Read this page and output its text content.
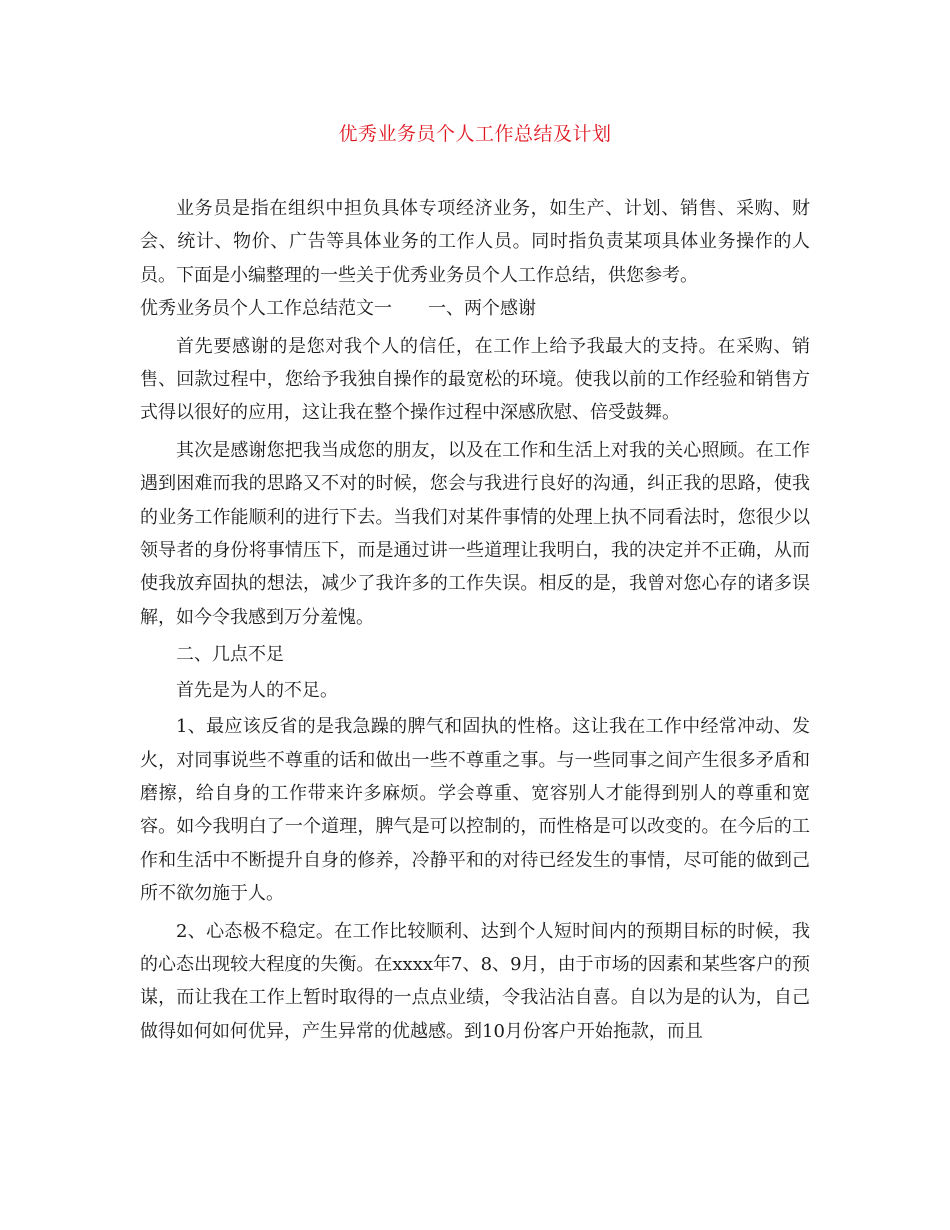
优秀业务员个人工作总结及计划

业务员是指在组织中担负具体专项经济业务，如生产、计划、销售、采购、财会、统计、物价、广告等具体业务的工作人员。同时指负责某项具体业务操作的人员。下面是小编整理的一些关于优秀业务员个人工作总结，供您参考。

优秀业务员个人工作总结范文一 一、两个感谢

首先要感谢的是您对我个人的信任，在工作上给予我最大的支持。在采购、销售、回款过程中，您给予我独自操作的最宽松的环境。使我以前的工作经验和销售方式得以很好的应用，这让我在整个操作过程中深感欣慰、倍受鼓舞。

其次是感谢您把我当成您的朋友，以及在工作和生活上对我的关心照顾。在工作遇到困难而我的思路又不对的时候，您会与我进行良好的沟通，纠正我的思路，使我的业务工作能顺利的进行下去。当我们对某件事情的处理上执不同看法时，您很少以领导者的身份将事情压下，而是通过讲一些道理让我明白，我的决定并不正确，从而使我放弃固执的想法，减少了我许多的工作失误。相反的是，我曾对您心存的诸多误解，如今令我感到万分羞愧。

二、几点不足

首先是为人的不足。

1、最应该反省的是我急躁的脾气和固执的性格。这让我在工作中经常冲动、发火，对同事说些不尊重的话和做出一些不尊重之事。与一些同事之间产生很多矛盾和磨擦，给自身的工作带来许多麻烦。学会尊重、宽容别人才能得到别人的尊重和宽容。如今我明白了一个道理，脾气是可以控制的，而性格是可以改变的。在今后的工作和生活中不断提升自身的修养，冷静平和的对待已经发生的事情，尽可能的做到己所不欲勿施于人。

2、心态极不稳定。在工作比较顺利、达到个人短时间内的预期目标的时候，我的心态出现较大程度的失衡。在xxxx年7、8、9月，由于市场的因素和某些客户的预谋，而让我在工作上暂时取得的一点点业绩，令我沾沾自喜。自以为是的认为，自己做得如何如何优异，产生异常的优越感。到10月份客户开始拖款，而且
